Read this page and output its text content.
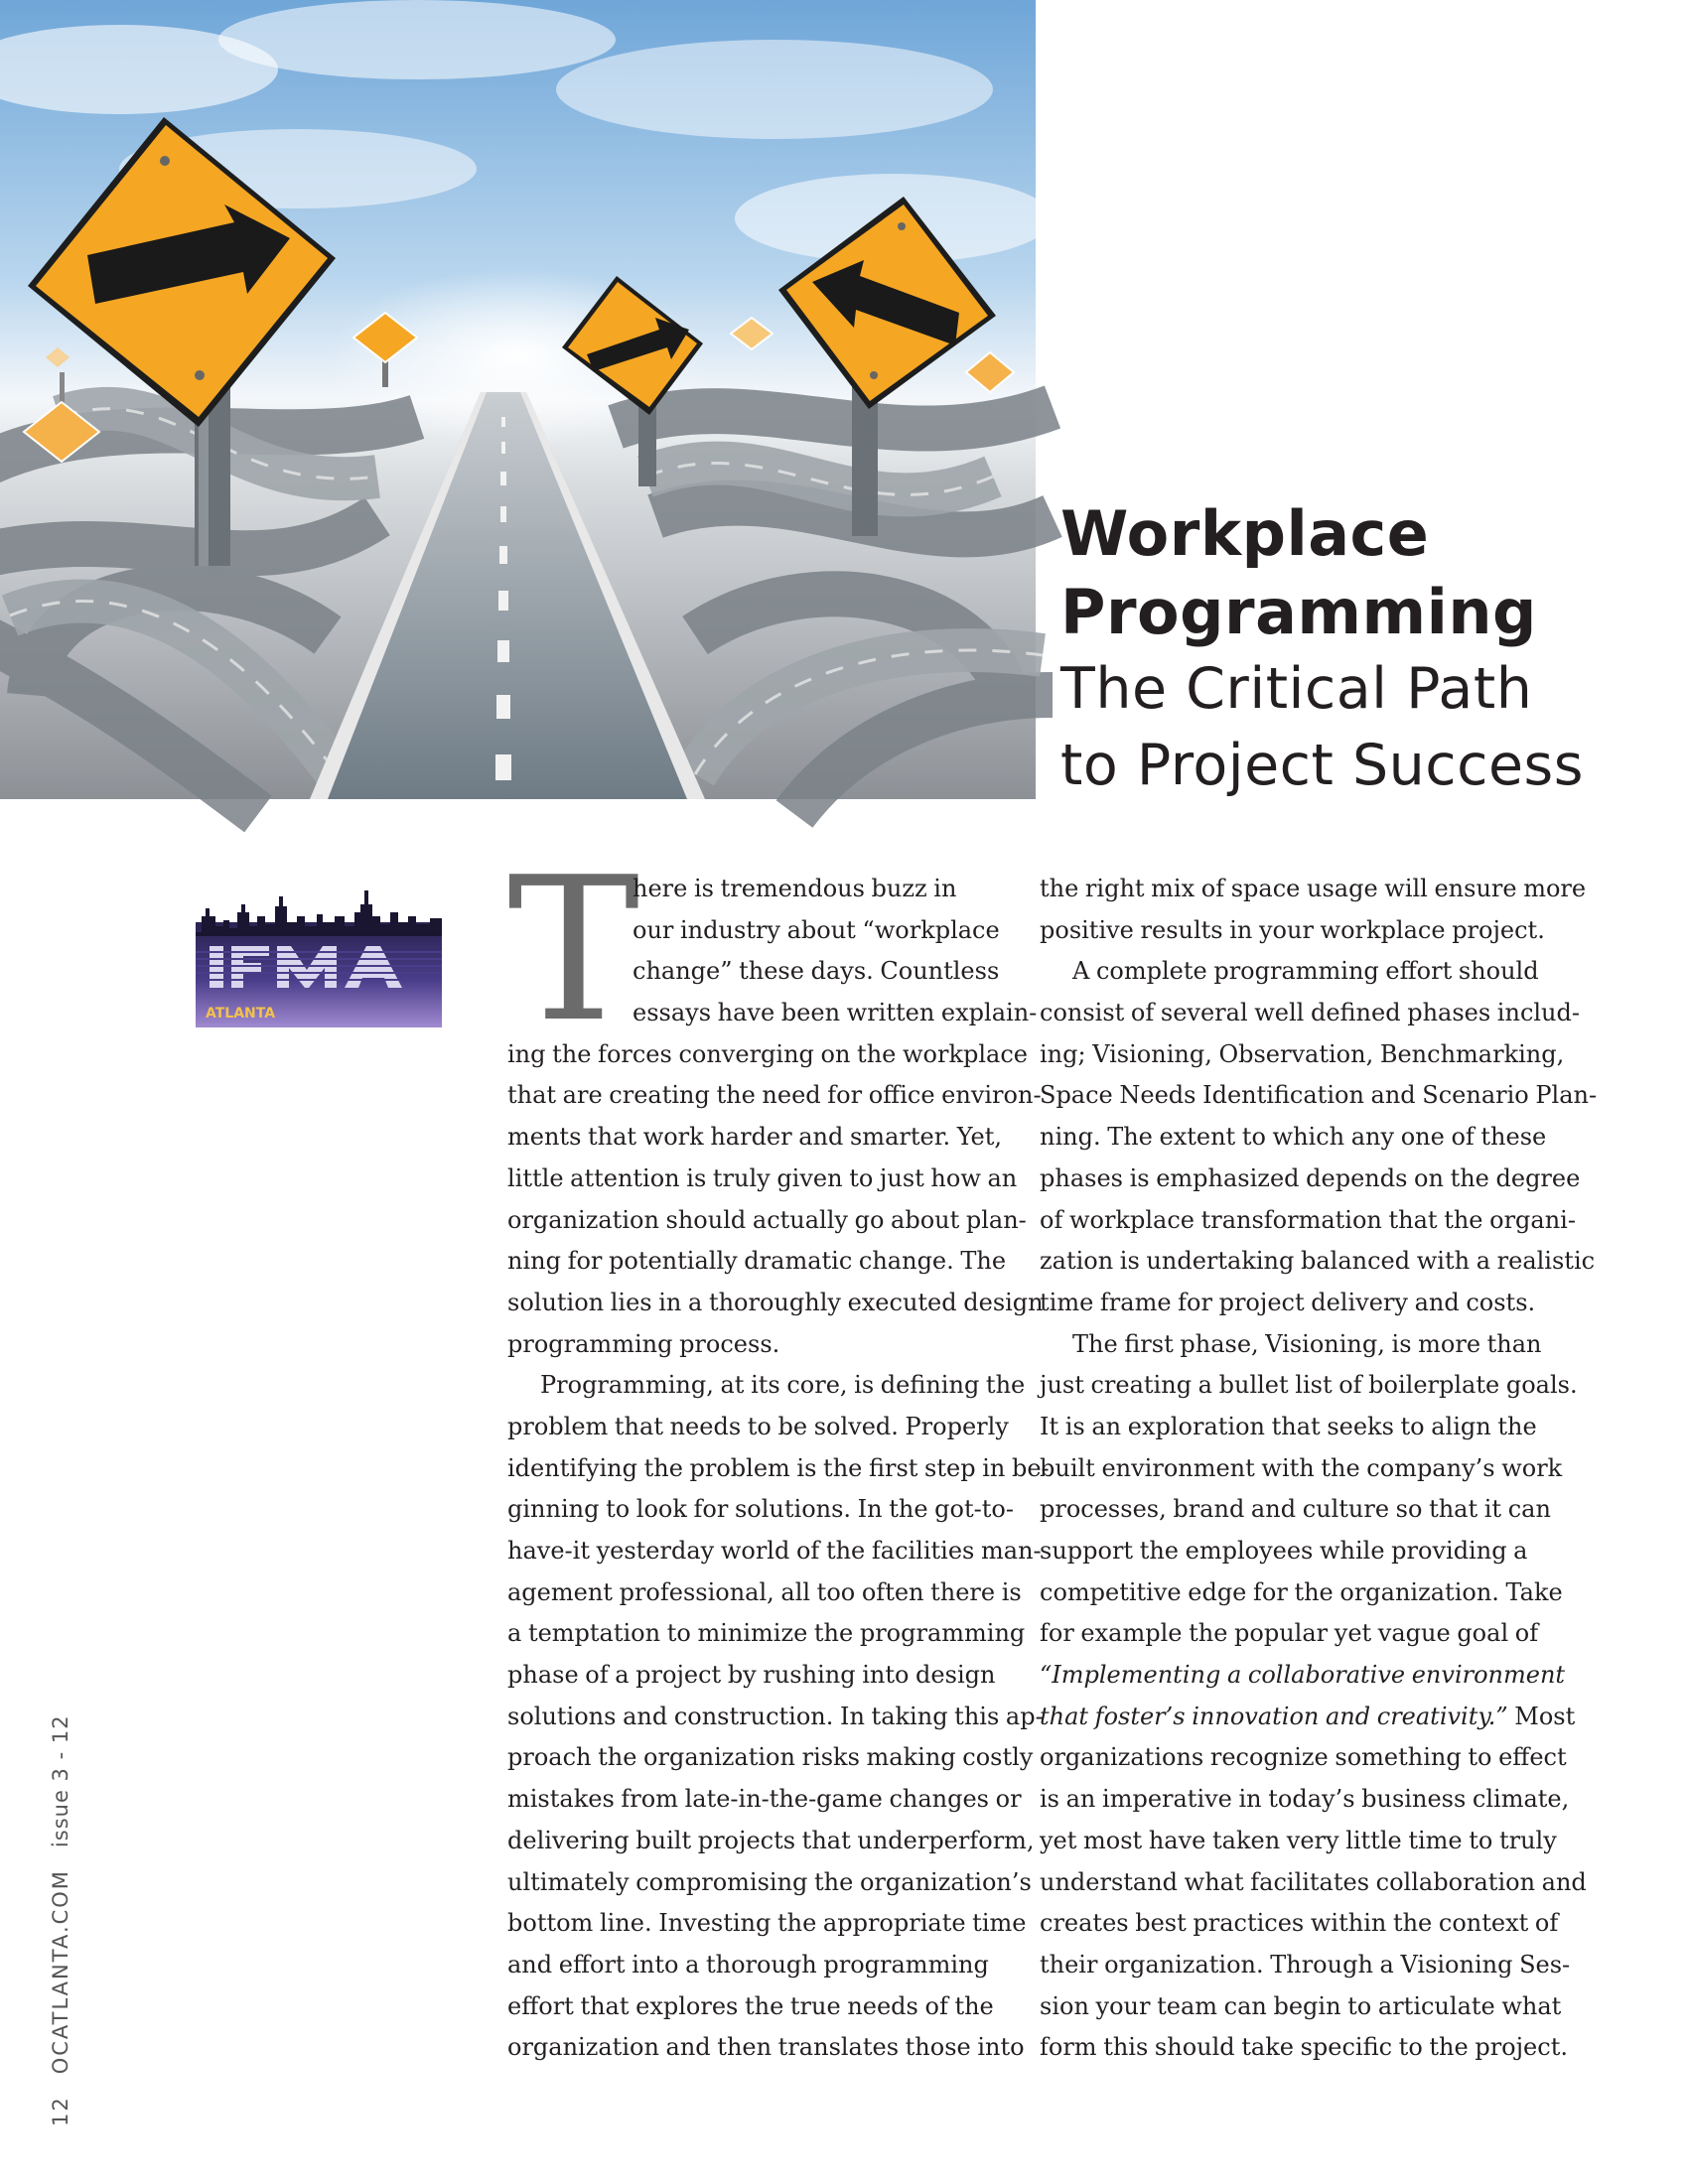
Workplace
Programming
The Critical Path
to Project Success
ATLANTA T
here is tremendous buzz in
our industry about “workplace
change” these days. Countless
essays have been written explain-
ing the forces converging on the workplace
that are creating the need for office environ-
ments that work harder and smarter. Yet,
little attention is truly given to just how an
organization should actually go about plan-
ning for potentially dramatic change. The
solution lies in a thoroughly executed design
programming process.
Programming, at its core, is defining the
problem that needs to be solved. Properly
identifying the problem is the first step in be-
ginning to look for solutions. In the got-to-
have-it yesterday world of the facilities man-
agement professional, all too often there is
a temptation to minimize the programming
phase of a project by rushing into design
solutions and construction. In taking this ap-
proach the organization risks making costly
mistakes from late-in-the-game changes or
delivering built projects that underperform,
ultimately compromising the organization’s
bottom line. Investing the appropriate time
and effort into a thorough programming
effort that explores the true needs of the
organization and then translates those into
the right mix of space usage will ensure more
positive results in your workplace project.
A complete programming effort should
consist of several well defined phases includ-
ing; Visioning, Observation, Benchmarking,
Space Needs Identification and Scenario Plan-
ning. The extent to which any one of these
phases is emphasized depends on the degree
of workplace transformation that the organi-
zation is undertaking balanced with a realistic
time frame for project delivery and costs.
The first phase, Visioning, is more than
just creating a bullet list of boilerplate goals.
It is an exploration that seeks to align the
built environment with the company’s work
processes, brand and culture so that it can
support the employees while providing a
competitive edge for the organization. Take
for example the popular yet vague goal of
“Implementing a collaborative environment
that foster’s innovation and creativity.” Most
organizations recognize something to effect
is an imperative in today’s business climate,
yet most have taken very little time to truly
understand what facilitates collaboration and
creates best practices within the context of
their organization. Through a Visioning Ses-
sion your team can begin to articulate what
form this should take specific to the project.
12OCATLANTA.COMissue 3 - 12
